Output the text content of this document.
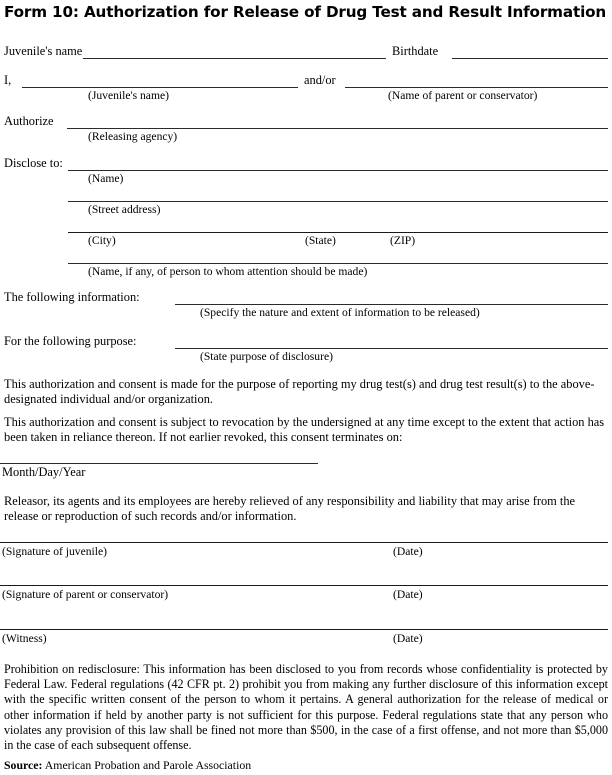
Form 10: Authorization for Release of Drug Test and Result Information
Juvenile's name	Birthdate
I,
(Juvenile's name)
and/or
(Name of parent or conservator)
Authorize
(Releasing agency)
Disclose to:
(Name)
(Street address)
(City)	(State)	(ZIP)
(Name, if any, of person to whom attention should be made)
The following information:
(Specify the nature and extent of information to be released)
For the following purpose:
(State purpose of disclosure)
This authorization and consent is made for the purpose of reporting my drug test(s) and drug test result(s) to the above-designated individual and/or organization.
This authorization and consent is subject to revocation by the undersigned at any time except to the extent that action has been taken in reliance thereon. If not earlier revoked, this consent terminates on:
Month/Day/Year
Releasor, its agents and its employees are hereby relieved of any responsibility and liability that may arise from the release or reproduction of such records and/or information.
(Signature of juvenile)	(Date)
(Signature of parent or conservator)	(Date)
(Witness)	(Date)
Prohibition on redisclosure: This information has been disclosed to you from records whose confidentiality is protected by Federal Law. Federal regulations (42 CFR pt. 2) prohibit you from making any further disclosure of this information except with the specific written consent of the person to whom it pertains. A general authorization for the release of medical or other information if held by another party is not sufficient for this purpose. Federal regulations state that any person who violates any provision of this law shall be fined not more than $500, in the case of a first offense, and not more than $5,000 in the case of each subsequent offense.
Source: American Probation and Parole Association
